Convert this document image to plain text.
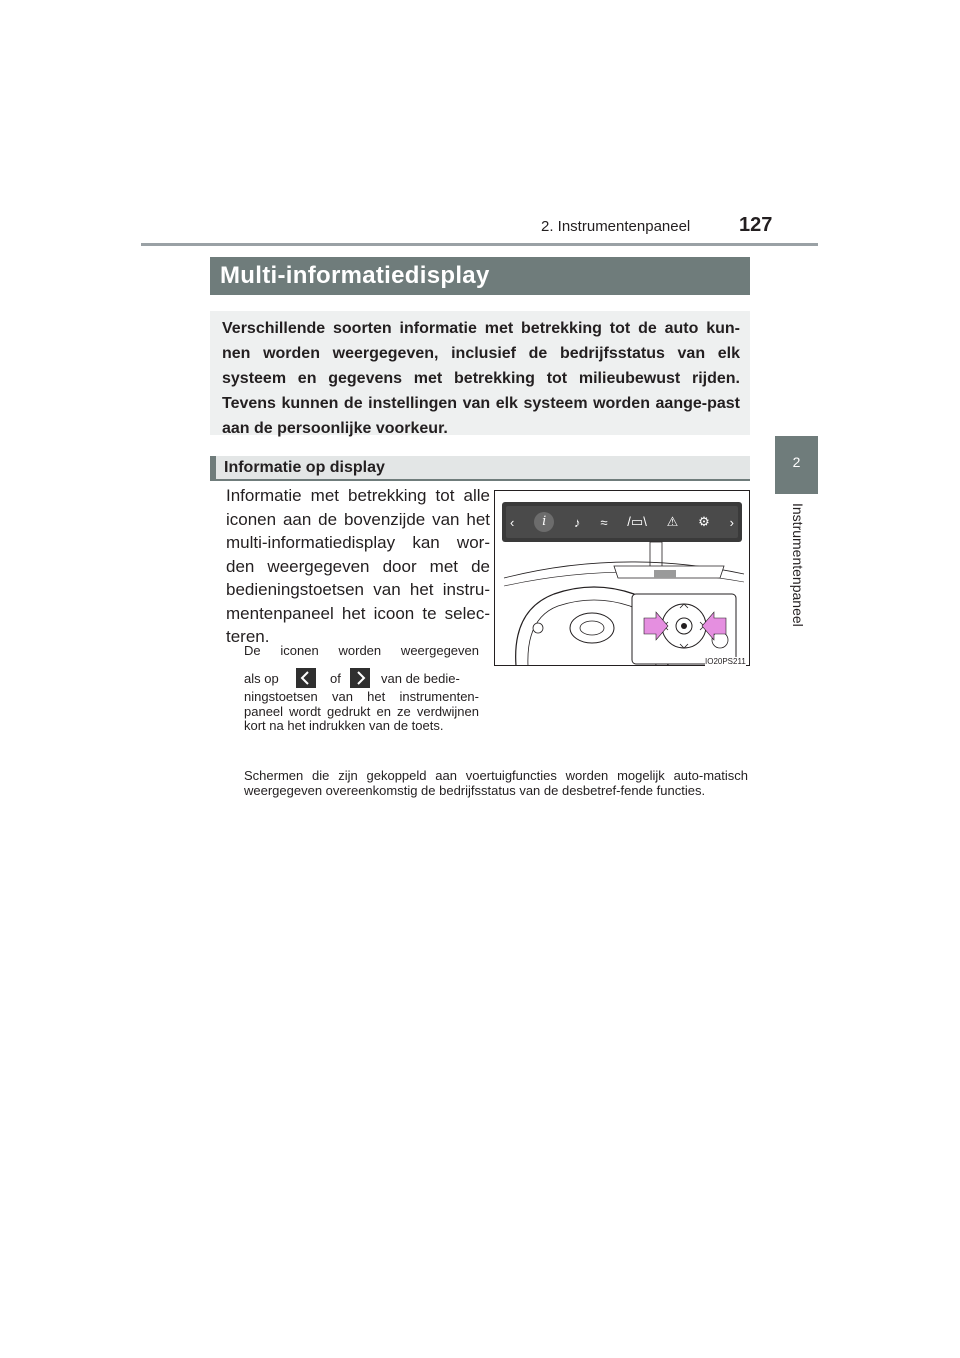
2. Instrumentenpaneel 127
2
Instrumentenpaneel
Multi-informatiedisplay
Verschillende soorten informatie met betrekking tot de auto kun-nen worden weergegeven, inclusief de bedrijfsstatus van elk systeem en gegevens met betrekking tot milieubewust rijden. Tevens kunnen de instellingen van elk systeem worden aange-past aan de persoonlijke voorkeur.
Informatie op display
Informatie met betrekking tot alle iconen aan de bovenzijde van het multi-informatiedisplay kan wor-den weergegeven door met de bedieningstoetsen van het instru-mentenpaneel het icoon te selec-teren.
De iconen worden weergegeven
als op	of	van de bedie-
ningstoetsen van het instrumenten-paneel wordt gedrukt en ze verdwijnen kort na het indrukken van de toets.
Schermen die zijn gekoppeld aan voertuigfuncties worden mogelijk auto-matisch weergegeven overeenkomstig de bedrijfsstatus van de desbetref-fende functies.
‹	i	♪ ≈ /▭\ ⚠ ⚙ ›
IO20PS211
